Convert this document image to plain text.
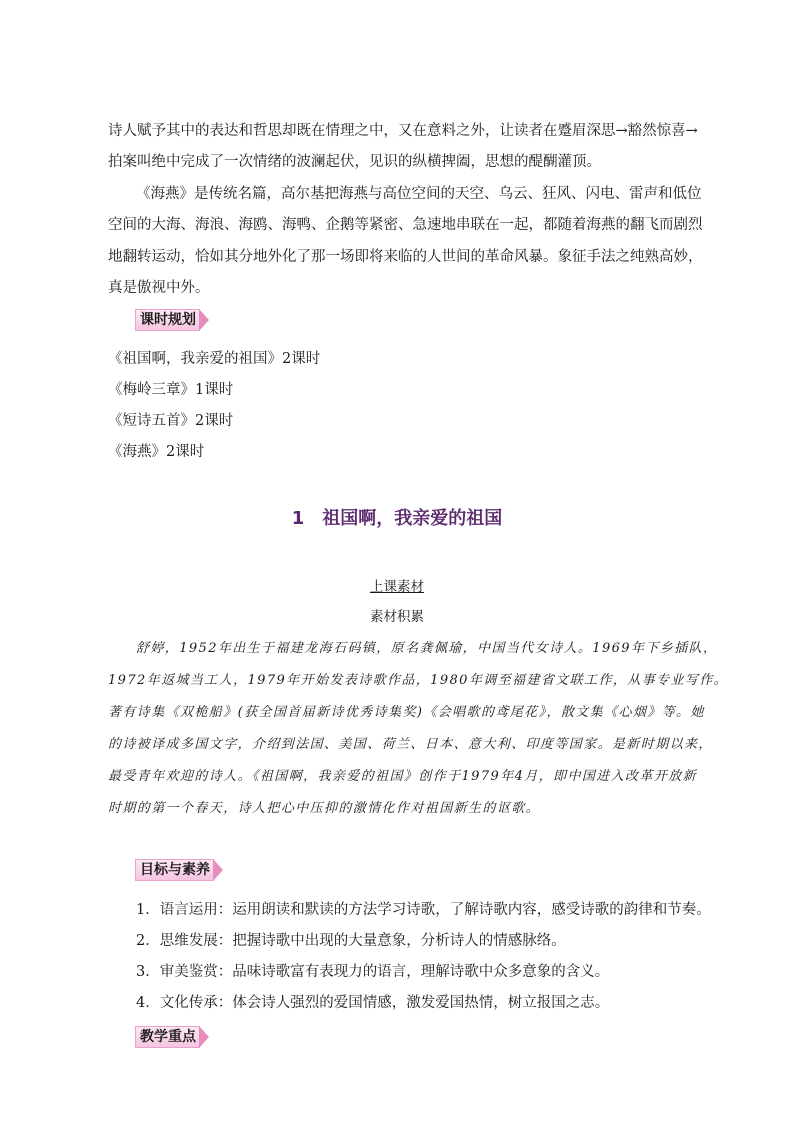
诗人赋予其中的表达和哲思却既在情理之中，又在意料之外，让读者在蹙眉深思→豁然惊喜→
拍案叫绝中完成了一次情绪的波澜起伏，见识的纵横捭阖，思想的醍醐灌顶。
《海燕》是传统名篇，高尔基把海燕与高位空间的天空、乌云、狂风、闪电、雷声和低位
空间的大海、海浪、海鸥、海鸭、企鹅等紧密、急速地串联在一起，都随着海燕的翻飞而剧烈
地翻转运动，恰如其分地外化了那一场即将来临的人世间的革命风暴。象征手法之纯熟高妙，
真是傲视中外。
课时规划
《祖国啊，我亲爱的祖国》2课时
《梅岭三章》1课时
《短诗五首》2课时
《海燕》2课时
1 祖国啊，我亲爱的祖国
上课素材
素材积累
舒婷，1952年出生于福建龙海石码镇，原名龚佩瑜，中国当代女诗人。1969年下乡插队，
1972年返城当工人，1979年开始发表诗歌作品，1980年调至福建省文联工作，从事专业写作。
著有诗集《双桅船》(获全国首届新诗优秀诗集奖)《会唱歌的鸢尾花》，散文集《心烟》等。她
的诗被译成多国文字，介绍到法国、美国、荷兰、日本、意大利、印度等国家。是新时期以来，
最受青年欢迎的诗人。《祖国啊，我亲爱的祖国》创作于1979年4月，即中国进入改革开放新
时期的第一个春天，诗人把心中压抑的激情化作对祖国新生的讴歌。
目标与素养
1．语言运用：运用朗读和默读的方法学习诗歌，了解诗歌内容，感受诗歌的韵律和节奏。
2．思维发展：把握诗歌中出现的大量意象，分析诗人的情感脉络。
3．审美鉴赏：品味诗歌富有表现力的语言，理解诗歌中众多意象的含义。
4．文化传承：体会诗人强烈的爱国情感，激发爱国热情，树立报国之志。
教学重点
